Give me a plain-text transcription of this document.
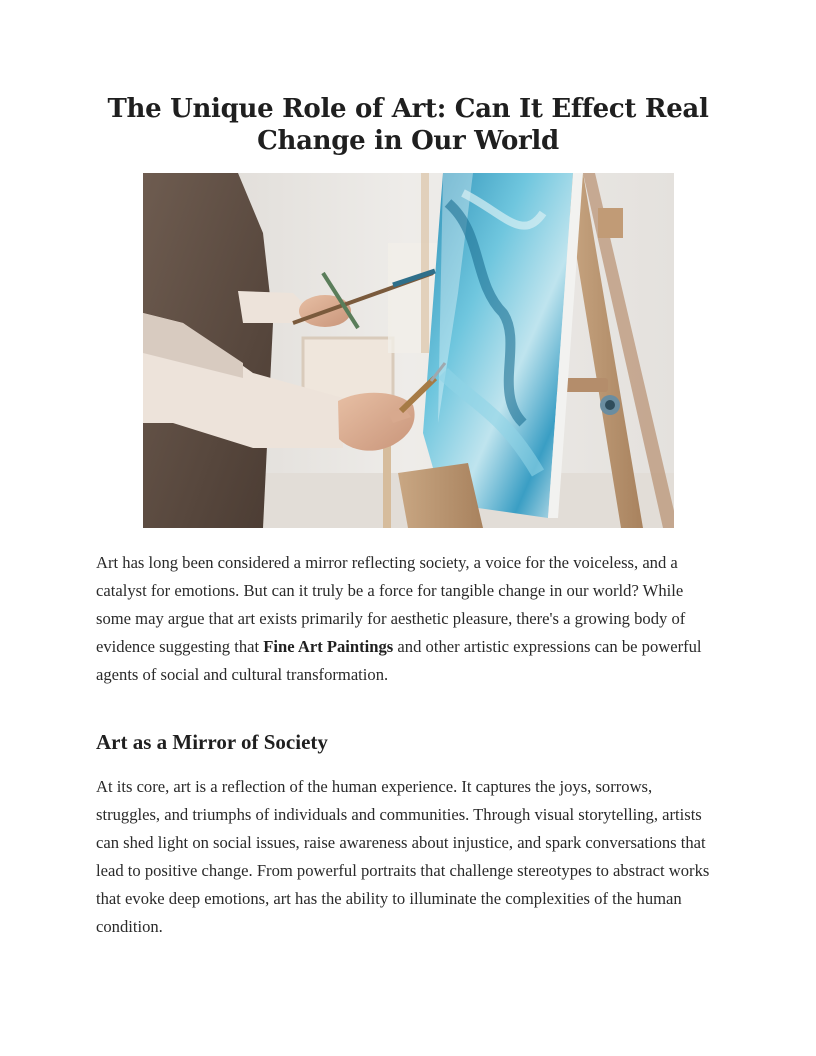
The Unique Role of Art: Can It Effect Real Change in Our World

Art has long been considered a mirror reflecting society, a voice for the voiceless, and a catalyst for emotions. But can it truly be a force for tangible change in our world? While some may argue that art exists primarily for aesthetic pleasure, there's a growing body of evidence suggesting that Fine Art Paintings and other artistic expressions can be powerful agents of social and cultural transformation.

Art as a Mirror of Society

At its core, art is a reflection of the human experience. It captures the joys, sorrows, struggles, and triumphs of individuals and communities. Through visual storytelling, artists can shed light on social issues, raise awareness about injustice, and spark conversations that lead to positive change. From powerful portraits that challenge stereotypes to abstract works that evoke deep emotions, art has the ability to illuminate the complexities of the human condition.
